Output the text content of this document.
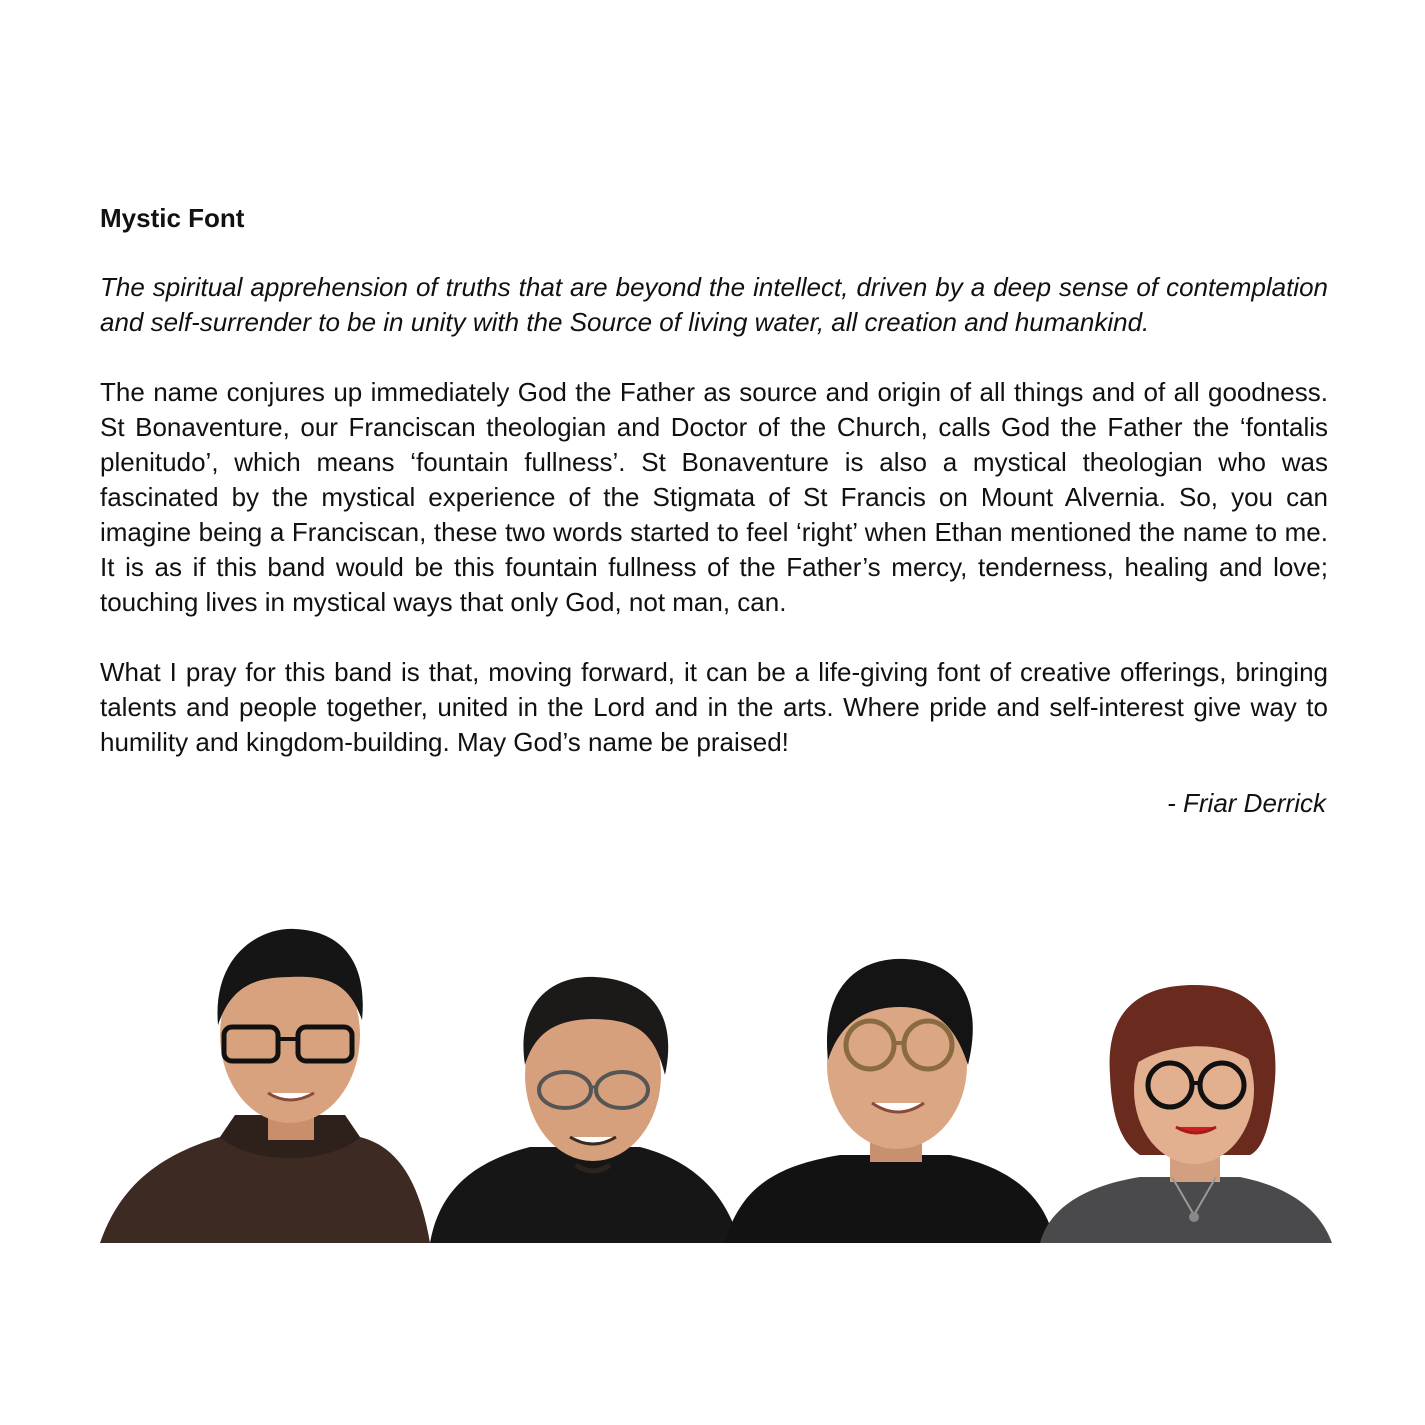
Mystic Font

The spiritual apprehension of truths that are beyond the intellect, driven by a deep sense of contemplation and self-surrender to be in unity with the Source of living water, all creation and humankind.

The name conjures up immediately God the Father as source and origin of all things and of all goodness. St Bonaventure, our Franciscan theologian and Doctor of the Church, calls God the Father the ‘fontalis plenitudo’, which means ‘fountain fullness’. St Bonaventure is also a mystical theologian who was fascinated by the mystical experience of the Stigmata of St Francis on Mount Alvernia. So, you can imagine being a Franciscan, these two words started to feel ‘right’ when Ethan mentioned the name to me. It is as if this band would be this fountain fullness of the Father’s mercy, tenderness, healing and love; touching lives in mystical ways that only God, not man, can.

What I pray for this band is that, moving forward, it can be a life-giving font of creative offerings, bringing talents and people together, united in the Lord and in the arts. Where pride and self-interest give way to humility and kingdom-building. May God’s name be praised!

- Friar Derrick
